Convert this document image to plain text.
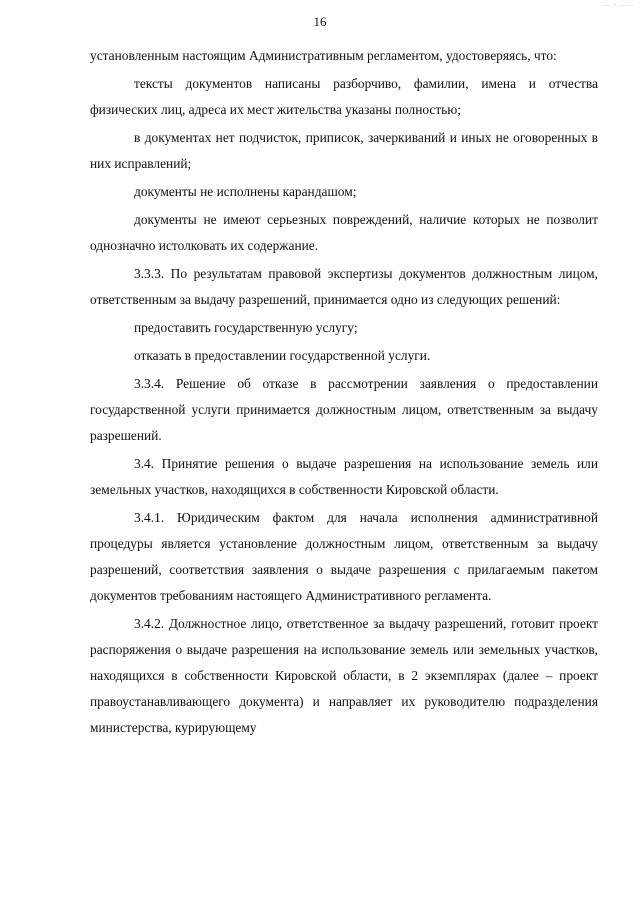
— ・— —
16

установленным настоящим Административным регламентом, удостоверяясь, что:

тексты документов написаны разборчиво, фамилии, имена и отчества физических лиц, адреса их мест жительства указаны полностью;

в документах нет подчисток, приписок, зачеркиваний и иных не оговоренных в них исправлений;

документы не исполнены карандашом;

документы не имеют серьезных повреждений, наличие которых не позволит однозначно истолковать их содержание.

3.3.3. По результатам правовой экспертизы документов должностным лицом, ответственным за выдачу разрешений, принимается одно из следующих решений:

предоставить государственную услугу;

отказать в предоставлении государственной услуги.

3.3.4. Решение об отказе в рассмотрении заявления о предоставлении государственной услуги принимается должностным лицом, ответственным за выдачу разрешений.

3.4. Принятие решения о выдаче разрешения на использование земель или земельных участков, находящихся в собственности Кировской области.

3.4.1. Юридическим фактом для начала исполнения административной процедуры является установление должностным лицом, ответственным за выдачу разрешений, соответствия заявления о выдаче разрешения с прилагаемым пакетом документов требованиям настоящего Административного регламента.

3.4.2. Должностное лицо, ответственное за выдачу разрешений, готовит проект распоряжения о выдаче разрешения на использование земель или земельных участков, находящихся в собственности Кировской области, в 2 экземплярах (далее – проект правоустанавливающего документа) и направляет их руководителю подразделения министерства, курирующему
